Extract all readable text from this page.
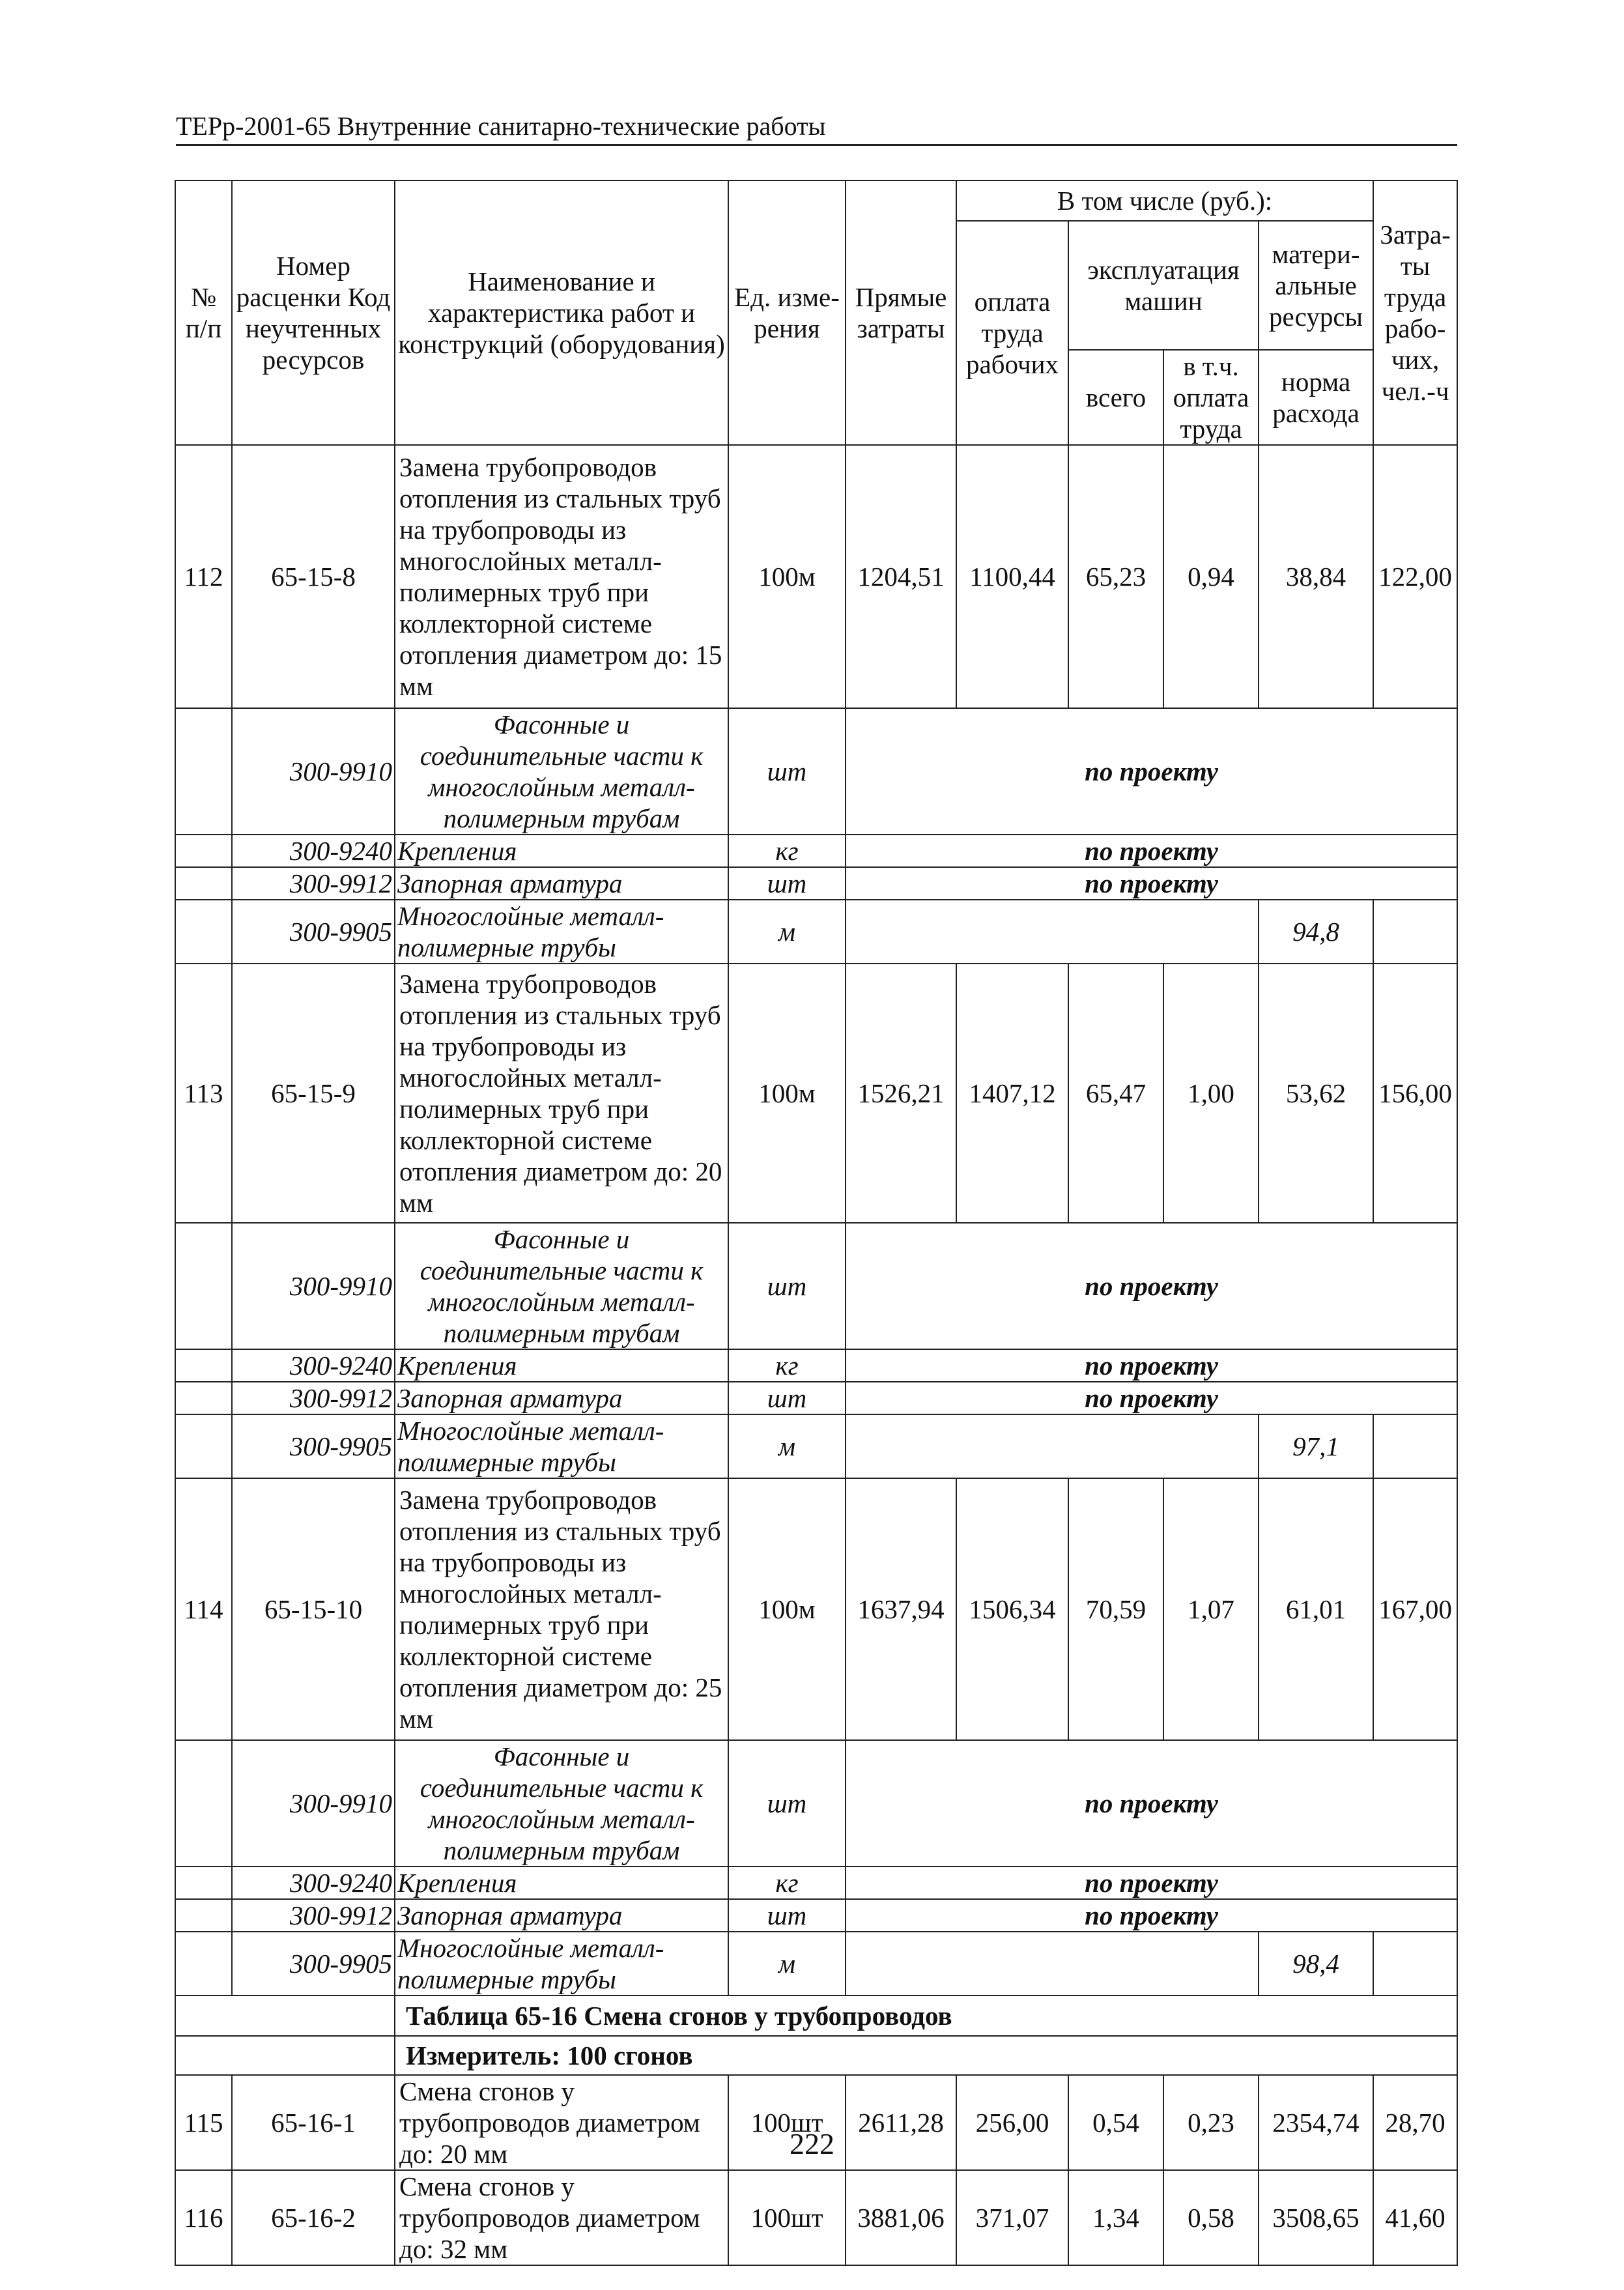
ТЕРр-2001-65 Внутренние санитарно-технические работы
№ п/п	Номер расценки Код неучтенных ресурсов	Наименование и характеристика работ и конструкций (оборудования)	Ед. изме-рения	Прямые затраты	В том числе (руб.):				Затра-ты труда рабо-чих, чел.-ч
					оплата труда рабочих	эксплуатация машин		матери-альные ресурсы	
						всего	в т.ч. оплата труда	норма расхода	

112	65-15-8	Замена трубопроводов отопления из стальных труб на трубопроводы из многослойных металл-полимерных труб при коллекторной системе отопления диаметром до: 15 мм	100м	1204,51	1100,44	65,23	0,94	38,84	122,00
	300-9910	Фасонные и соединительные части к многослойным металл-полимерным трубам	шт	по проекту					
	300-9240	Крепления	кг	по проекту					
	300-9912	Запорная арматура	шт	по проекту					
	300-9905	Многослойные металл-полимерные трубы	м					94,8	
113	65-15-9	Замена трубопроводов отопления из стальных труб на трубопроводы из многослойных металл-полимерных труб при коллекторной системе отопления диаметром до: 20 мм	100м	1526,21	1407,12	65,47	1,00	53,62	156,00
	300-9910	Фасонные и соединительные части к многослойным металл-полимерным трубам	шт	по проекту					
	300-9240	Крепления	кг	по проекту					
	300-9912	Запорная арматура	шт	по проекту					
	300-9905	Многослойные металл-полимерные трубы	м					97,1	
114	65-15-10	Замена трубопроводов отопления из стальных труб на трубопроводы из многослойных металл-полимерных труб при коллекторной системе отопления диаметром до: 25 мм	100м	1637,94	1506,34	70,59	1,07	61,01	167,00
	300-9910	Фасонные и соединительные части к многослойным металл-полимерным трубам	шт	по проекту					
	300-9240	Крепления	кг	по проекту					
	300-9912	Запорная арматура	шт	по проекту					
	300-9905	Многослойные металл-полимерные трубы	м					98,4	
		Таблица 65-16 Смена сгонов у трубопроводов							
		Измеритель: 100 сгонов							
115	65-16-1	Смена сгонов у трубопроводов диаметром до: 20 мм	100шт	2611,28	256,00	0,54	0,23	2354,74	28,70
116	65-16-2	Смена сгонов у трубопроводов диаметром до: 32 мм	100шт	3881,06	371,07	1,34	0,58	3508,65	41,60
222
